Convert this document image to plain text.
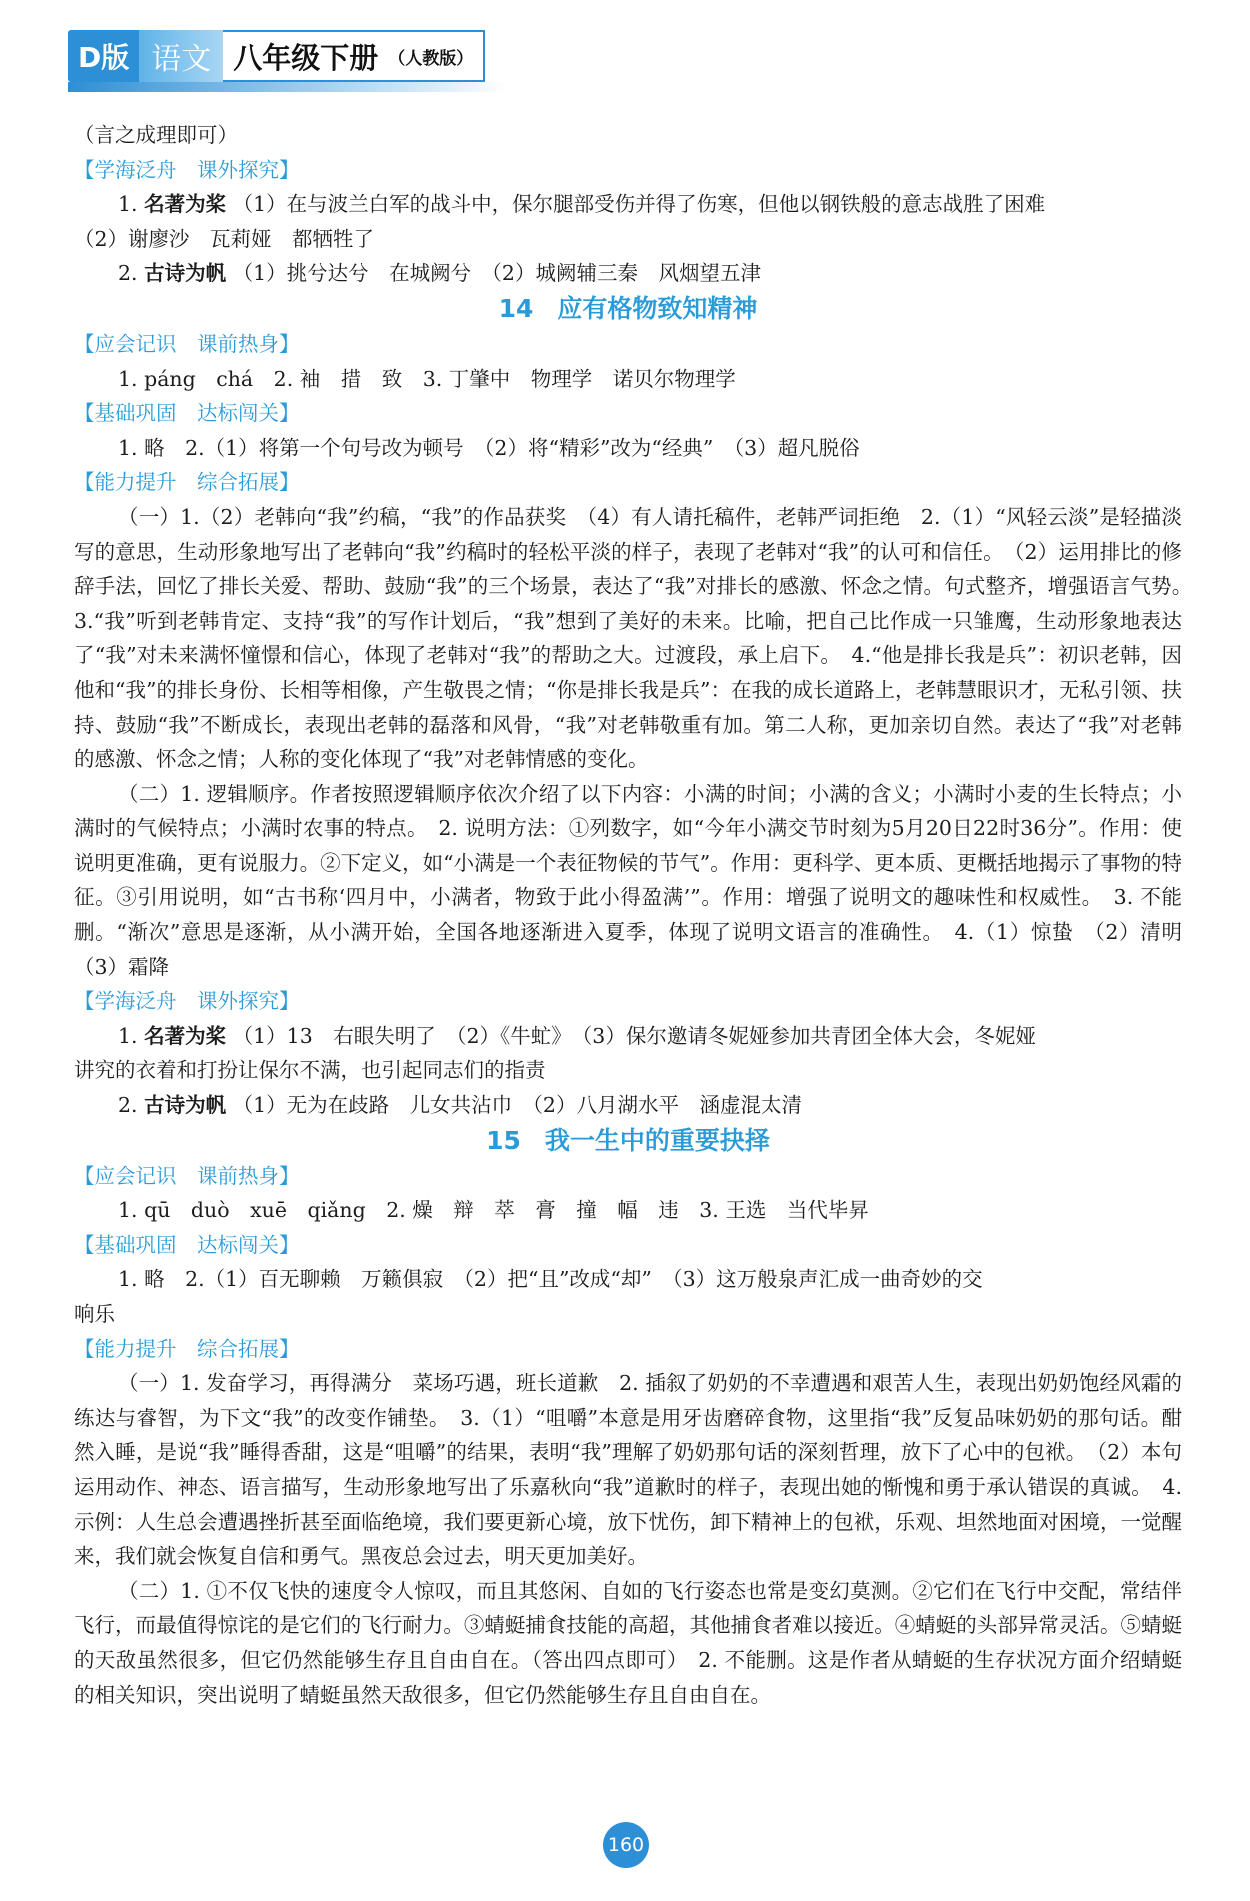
D版 语文 八年级下册 （人教版）

（言之成理即可）

【学海泛舟　课外探究】

1. 名著为桨 （1）在与波兰白军的战斗中，保尔腿部受伤并得了伤寒，但他以钢铁般的意志战胜了困难

（2）谢廖沙　瓦莉娅　都牺牲了

2. 古诗为帆 （1）挑兮达兮　在城阙兮　（2）城阙辅三秦　风烟望五津

14 应有格物致知精神

【应会记识　课前热身】

1. páng　chá　2. 袖　措　致　3. 丁肇中　物理学　诺贝尔物理学

【基础巩固　达标闯关】

1. 略　2.（1）将第一个句号改为顿号　（2）将“精彩”改为“经典”　（3）超凡脱俗

【能力提升　综合拓展】

（一）1.（2）老韩向“我”约稿，“我”的作品获奖　（4）有人请托稿件，老韩严词拒绝　2.（1）“风轻云淡”是轻描淡写的意思，生动形象地写出了老韩向“我”约稿时的轻松平淡的样子，表现了老韩对“我”的认可和信任。　（2）运用排比的修辞手法，回忆了排长关爱、帮助、鼓励“我”的三个场景，表达了“我”对排长的感激、怀念之情。句式整齐，增强语言气势。　3.“我”听到老韩肯定、支持“我”的写作计划后，“我”想到了美好的未来。比喻，把自己比作成一只雏鹰，生动形象地表达了“我”对未来满怀憧憬和信心，体现了老韩对“我”的帮助之大。过渡段，承上启下。　4.“他是排长我是兵”：初识老韩，因他和“我”的排长身份、长相等相像，产生敬畏之情；“你是排长我是兵”：在我的成长道路上，老韩慧眼识才，无私引领、扶持、鼓励“我”不断成长，表现出老韩的磊落和风骨，“我”对老韩敬重有加。第二人称，更加亲切自然。表达了“我”对老韩的感激、怀念之情；人称的变化体现了“我”对老韩情感的变化。

（二）1. 逻辑顺序。作者按照逻辑顺序依次介绍了以下内容：小满的时间；小满的含义；小满时小麦的生长特点；小满时的气候特点；小满时农事的特点。　2. 说明方法：①列数字，如“今年小满交节时刻为5月20日22时36分”。作用：使说明更准确，更有说服力。②下定义，如“小满是一个表征物候的节气”。作用：更科学、更本质、更概括地揭示了事物的特征。③引用说明，如“古书称‘四月中，小满者，物致于此小得盈满’”。作用：增强了说明文的趣味性和权威性。　3. 不能删。“渐次”意思是逐渐，从小满开始，全国各地逐渐进入夏季，体现了说明文语言的准确性。　4.（1）惊蛰　（2）清明　（3）霜降

【学海泛舟　课外探究】

1. 名著为桨 （1）13　右眼失明了　（2）《牛虻》　（3）保尔邀请冬妮娅参加共青团全体大会，冬妮娅

讲究的衣着和打扮让保尔不满，也引起同志们的指责

2. 古诗为帆 （1）无为在歧路　儿女共沾巾　（2）八月湖水平　涵虚混太清

15 我一生中的重要抉择

【应会记识　课前热身】

1. qū　duò　xuē　qiǎng　2. 燥　辩　萃　膏　撞　幅　违　3. 王选　当代毕昇

【基础巩固　达标闯关】

1. 略　2.（1）百无聊赖　万籁俱寂　（2）把“且”改成“却”　（3）这万般泉声汇成一曲奇妙的交

响乐

【能力提升　综合拓展】

（一）1. 发奋学习，再得满分　菜场巧遇，班长道歉　2. 插叙了奶奶的不幸遭遇和艰苦人生，表现出奶奶饱经风霜的练达与睿智，为下文“我”的改变作铺垫。　3.（1）“咀嚼”本意是用牙齿磨碎食物，这里指“我”反复品味奶奶的那句话。酣然入睡，是说“我”睡得香甜，这是“咀嚼”的结果，表明“我”理解了奶奶那句话的深刻哲理，放下了心中的包袱。　（2）本句运用动作、神态、语言描写，生动形象地写出了乐嘉秋向“我”道歉时的样子，表现出她的惭愧和勇于承认错误的真诚。　4. 示例：人生总会遭遇挫折甚至面临绝境，我们要更新心境，放下忧伤，卸下精神上的包袱，乐观、坦然地面对困境，一觉醒来，我们就会恢复自信和勇气。黑夜总会过去，明天更加美好。

（二）1. ①不仅飞快的速度令人惊叹，而且其悠闲、自如的飞行姿态也常是变幻莫测。②它们在飞行中交配，常结伴飞行，而最值得惊诧的是它们的飞行耐力。③蜻蜓捕食技能的高超，其他捕食者难以接近。④蜻蜓的头部异常灵活。⑤蜻蜓的天敌虽然很多，但它仍然能够生存且自由自在。（答出四点即可）　2. 不能删。这是作者从蜻蜓的生存状况方面介绍蜻蜓的相关知识，突出说明了蜻蜓虽然天敌很多，但它仍然能够生存且自由自在。

160
